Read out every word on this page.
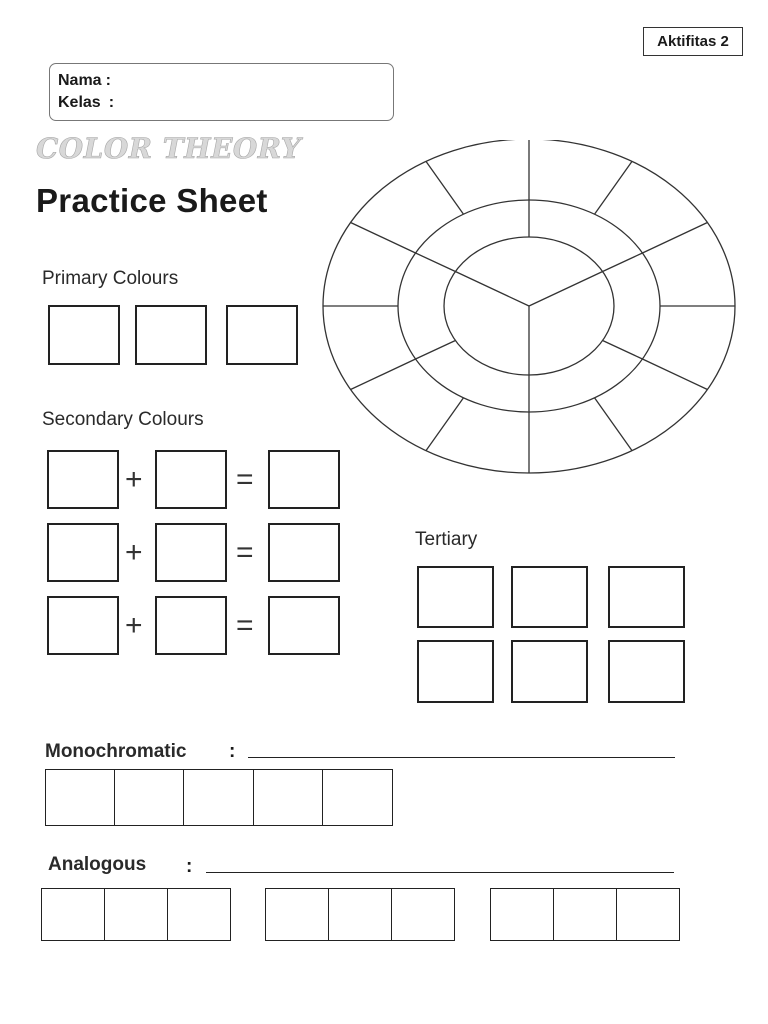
Aktifitas 2
Nama :
Kelas :
COLOR THEORY
Practice Sheet
Primary Colours
Secondary Colours
+	=
+	=
+	=
Tertiary
Monochromatic :
Analogous :
